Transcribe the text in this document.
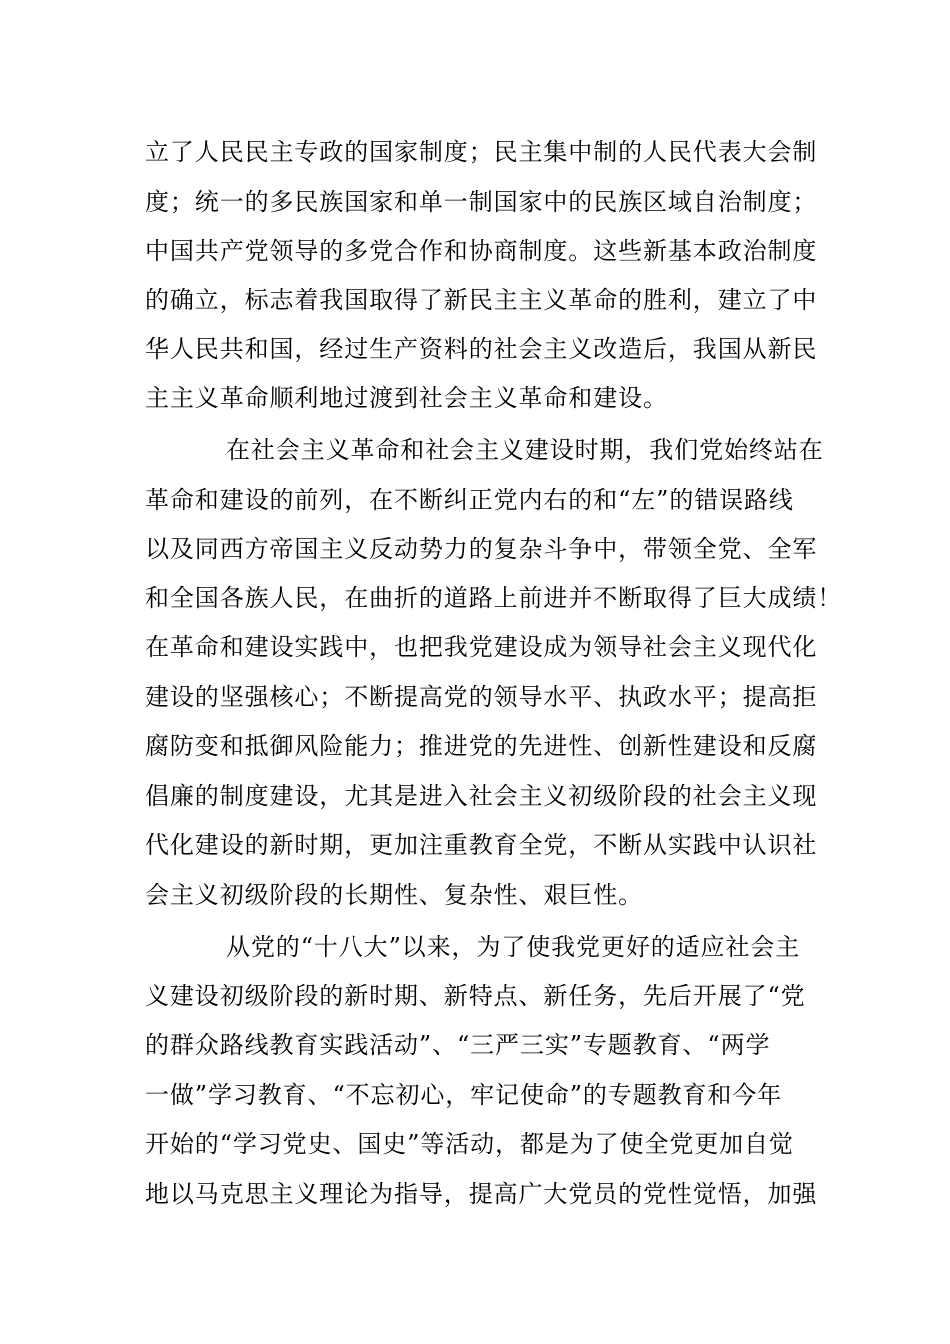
立了人民民主专政的国家制度；民主集中制的人民代表大会制
度；统一的多民族国家和单一制国家中的民族区域自治制度；
中国共产党领导的多党合作和协商制度。这些新基本政治制度
的确立，标志着我国取得了新民主主义革命的胜利，建立了中
华人民共和国，经过生产资料的社会主义改造后，我国从新民
主主义革命顺利地过渡到社会主义革命和建设。
在社会主义革命和社会主义建设时期，我们党始终站在
革命和建设的前列，在不断纠正党内右的和“左”的错误路线
以及同西方帝国主义反动势力的复杂斗争中，带领全党、全军
和全国各族人民，在曲折的道路上前进并不断取得了巨大成绩！
在革命和建设实践中，也把我党建设成为领导社会主义现代化
建设的坚强核心；不断提高党的领导水平、执政水平；提高拒
腐防变和抵御风险能力；推进党的先进性、创新性建设和反腐
倡廉的制度建设，尤其是进入社会主义初级阶段的社会主义现
代化建设的新时期，更加注重教育全党，不断从实践中认识社
会主义初级阶段的长期性、复杂性、艰巨性。
从党的“十八大”以来，为了使我党更好的适应社会主
义建设初级阶段的新时期、新特点、新任务，先后开展了“党
的群众路线教育实践活动”、“三严三实”专题教育、“两学
一做”学习教育、“不忘初心，牢记使命”的专题教育和今年
开始的“学习党史、国史”等活动，都是为了使全党更加自觉
地以马克思主义理论为指导，提高广大党员的党性觉悟，加强
